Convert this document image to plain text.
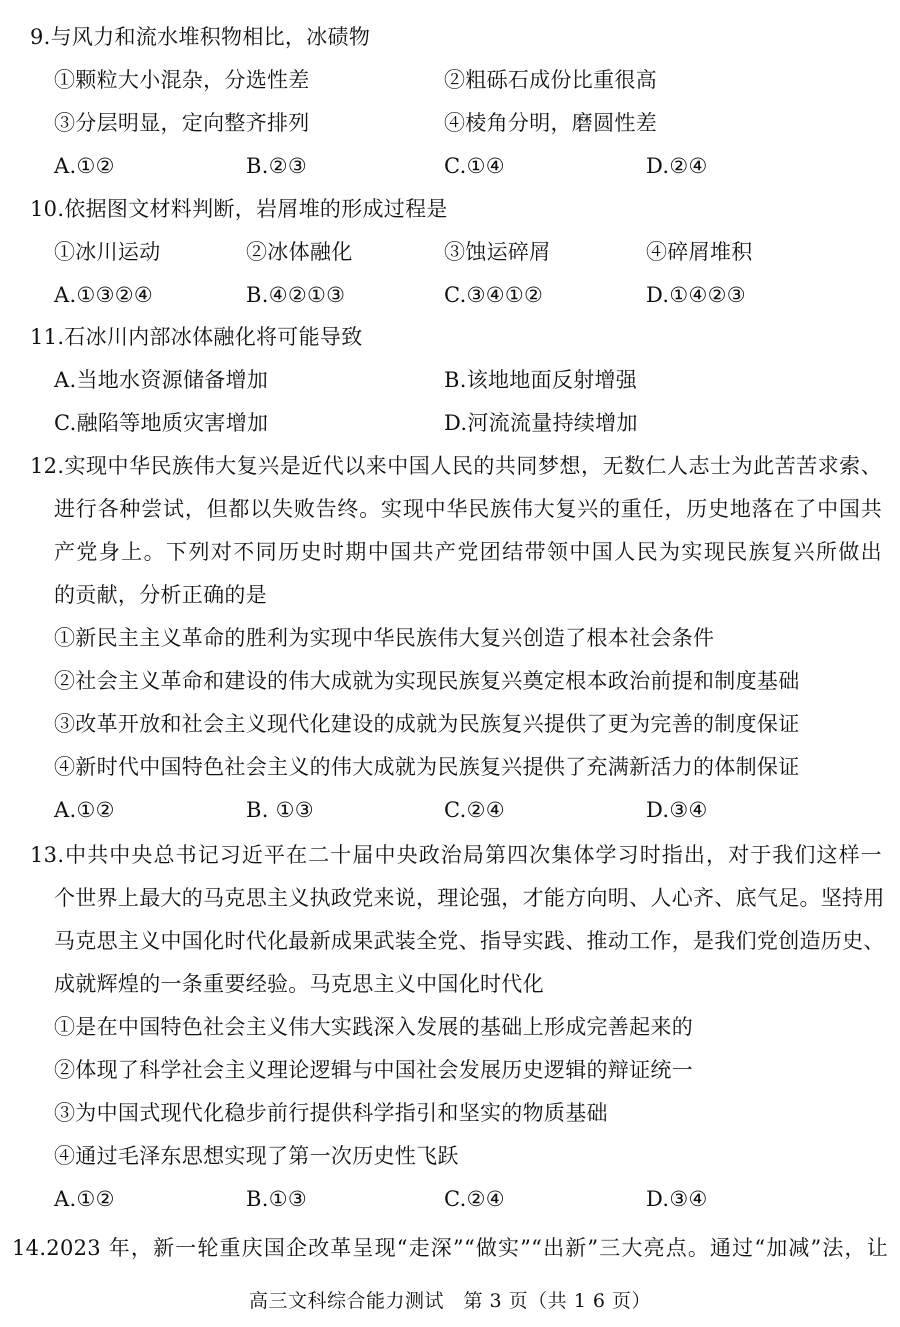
9.与风力和流水堆积物相比，冰碛物
①颗粒大小混杂，分选性差	②粗砾石成份比重很高
③分层明显，定向整齐排列	④棱角分明，磨圆性差
A.①②	B.②③	C.①④	D.②④
10.依据图文材料判断，岩屑堆的形成过程是
①冰川运动	②冰体融化	③蚀运碎屑	④碎屑堆积
A.①③②④	B.④②①③	C.③④①②	D.①④②③
11.石冰川内部冰体融化将可能导致
A.当地水资源储备增加	B.该地地面反射增强
C.融陷等地质灾害增加	D.河流流量持续增加
12.实现中华民族伟大复兴是近代以来中国人民的共同梦想，无数仁人志士为此苦苦求索、
进行各种尝试，但都以失败告终。实现中华民族伟大复兴的重任，历史地落在了中国共
产党身上。下列对不同历史时期中国共产党团结带领中国人民为实现民族复兴所做出
的贡献，分析正确的是
①新民主主义革命的胜利为实现中华民族伟大复兴创造了根本社会条件
②社会主义革命和建设的伟大成就为实现民族复兴奠定根本政治前提和制度基础
③改革开放和社会主义现代化建设的成就为民族复兴提供了更为完善的制度保证
④新时代中国特色社会主义的伟大成就为民族复兴提供了充满新活力的体制保证
A.①②	B. ①③	C.②④	D.③④
13.中共中央总书记习近平在二十届中央政治局第四次集体学习时指出，对于我们这样一
个世界上最大的马克思主义执政党来说，理论强，才能方向明、人心齐、底气足。坚持用
马克思主义中国化时代化最新成果武装全党、指导实践、推动工作，是我们党创造历史、
成就辉煌的一条重要经验。马克思主义中国化时代化
①是在中国特色社会主义伟大实践深入发展的基础上形成完善起来的
②体现了科学社会主义理论逻辑与中国社会发展历史逻辑的辩证统一
③为中国式现代化稳步前行提供科学指引和坚实的物质基础
④通过毛泽东思想实现了第一次历史性飞跃
A.①②	B.①③	C.②④	D.③④
14.2023 年，新一轮重庆国企改革呈现“走深”“做实”“出新”三大亮点。通过“加减”法，让
高三文科综合能力测试　第 3 页（共 1 6 页）
